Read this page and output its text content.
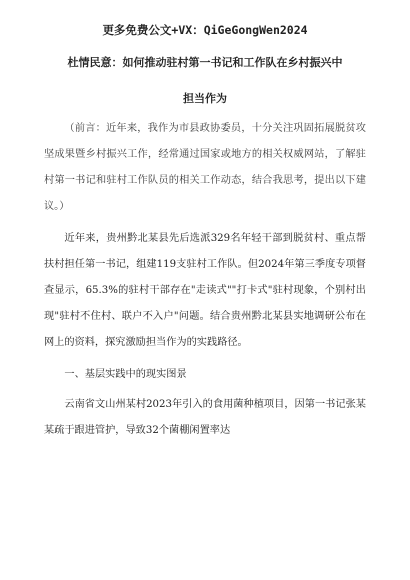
更多免费公文+VX：QiGeGongWen2024

杜情民意：如何推动驻村第一书记和工作队在乡村振兴中

担当作为

（前言：近年来，我作为市县政协委员，十分关注巩固拓展脱贫攻坚成果暨乡村振兴工作，经常通过国家或地方的相关权威网站，了解驻村第一书记和驻村工作队员的相关工作动态，结合我思考，提出以下建议。）

近年来，贵州黔北某县先后选派329名年轻干部到脱贫村、重点帮扶村担任第一书记，组建119支驻村工作队。但2024年第三季度专项督查显示，65.3%的驻村干部存在"走读式""打卡式"驻村现象，个别村出现"驻村不住村、联户不入户"问题。结合贵州黔北某县实地调研公布在网上的资料，探究激励担当作为的实践路径。

一、基层实践中的现实图景

云南省文山州某村2023年引入的食用菌种植项目，因第一书记张某某疏于跟进管护，导致32个菌棚闲置率达
